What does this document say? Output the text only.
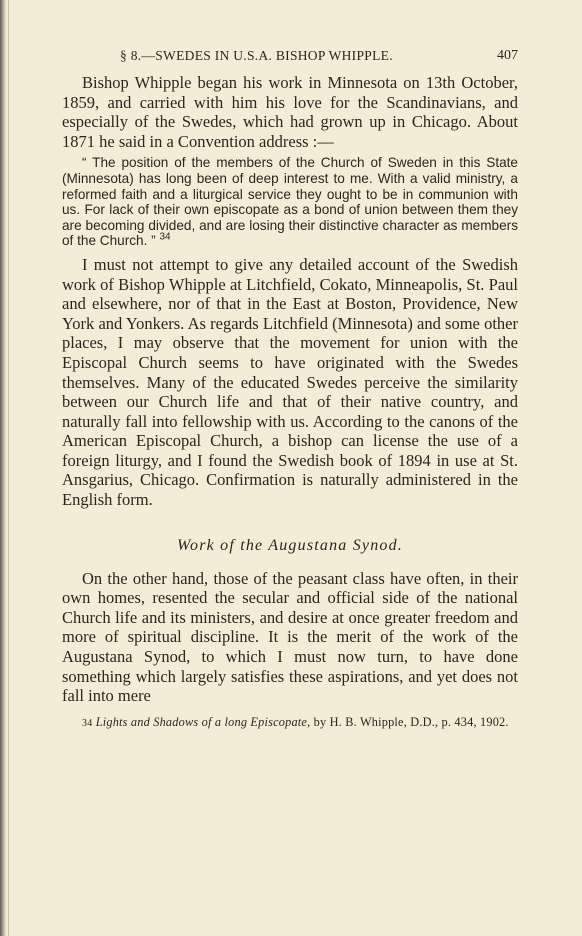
§ 8.—SWEDES IN U.S.A. BISHOP WHIPPLE.	407

Bishop Whipple began his work in Minnesota on 13th October, 1859, and carried with him his love for the Scandinavians, and especially of the Swedes, which had grown up in Chicago. About 1871 he said in a Convention address :—

“ The position of the members of the Church of Sweden in this State (Minnesota) has long been of deep interest to me. With a valid ministry, a reformed faith and a liturgical service they ought to be in communion with us. For lack of their own episcopate as a bond of union between them they are becoming divided, and are losing their distinctive character as members of the Church. ” $^{34}$

I must not attempt to give any detailed account of the Swedish work of Bishop Whipple at Litchfield, Cokato, Minneapolis, St. Paul and elsewhere, nor of that in the East at Boston, Providence, New York and Yonkers. As regards Litchfield (Minnesota) and some other places, I may observe that the movement for union with the Episcopal Church seems to have originated with the Swedes themselves. Many of the educated Swedes perceive the similarity between our Church life and that of their native country, and naturally fall into fellowship with us. According to the canons of the American Episcopal Church, a bishop can license the use of a foreign liturgy, and I found the Swedish book of 1894 in use at St. Ansgarius, Chicago. Confirmation is naturally administered in the English form.

Work of the Augustana Synod.

On the other hand, those of the peasant class have often, in their own homes, resented the secular and official side of the national Church life and its ministers, and desire at once greater freedom and more of spiritual discipline. It is the merit of the work of the Augustana Synod, to which I must now turn, to have done something which largely satisfies these aspirations, and yet does not fall into mere

34 Lights and Shadows of a long Episcopate, by H. B. Whipple, D.D., p. 434, 1902.
